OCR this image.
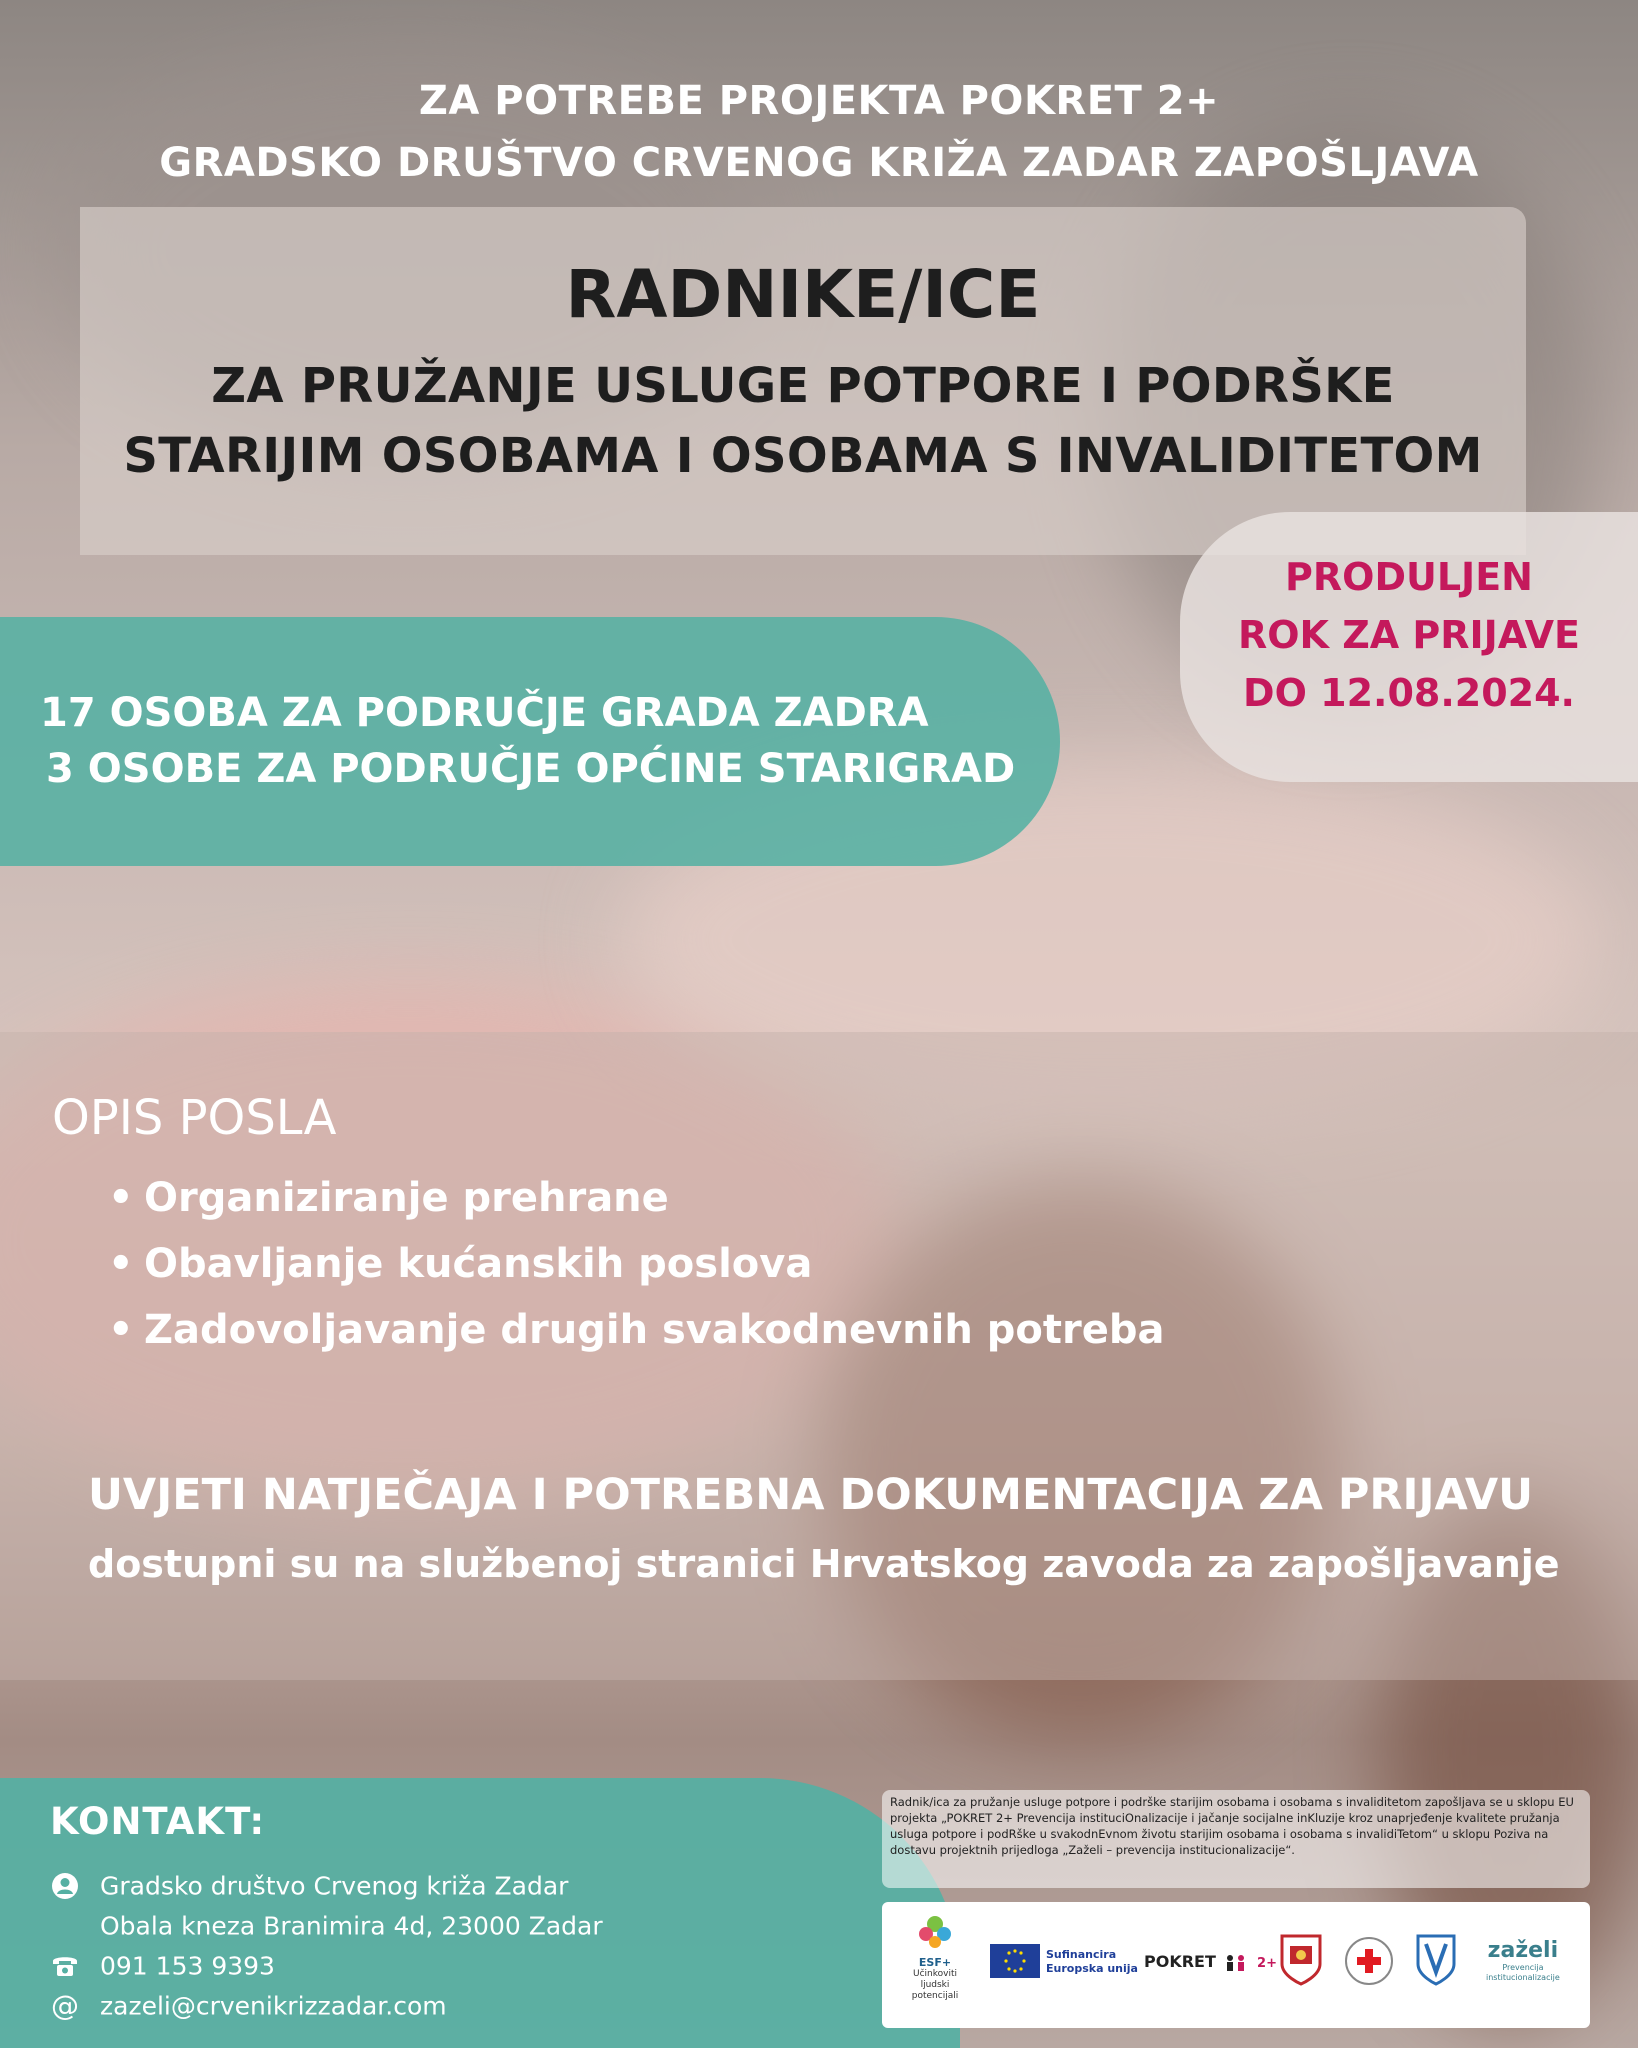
ZA POTREBE PROJEKTA POKRET 2+
GRADSKO DRUŠTVO CRVENOG KRIŽA ZADAR ZAPOŠLJAVA
RADNIKE/ICE
ZA PRUŽANJE USLUGE POTPORE I PODRŠKE
STARIJIM OSOBAMA I OSOBAMA S INVALIDITETOM
17 OSOBA ZA PODRUČJE GRADA ZADRA
3 OSOBE ZA PODRUČJE OPĆINE STARIGRAD
PRODULJEN
ROK ZA PRIJAVE
DO 12.08.2024.
OPIS POSLA
• Organiziranje prehrane
• Obavljanje kućanskih poslova
• Zadovoljavanje drugih svakodnevnih potreba
UVJETI NATJEČAJA I POTREBNA DOKUMENTACIJA ZA PRIJAVU
dostupni su na službenoj stranici Hrvatskog zavoda za zapošljavanje
KONTAKT:
Gradsko društvo Crvenog križa Zadar
Obala kneza Branimira 4d, 23000 Zadar
091 153 9393
@ zazeli@crvenikrizzadar.com
Radnik/ica za pružanje usluge potpore i podrške starijim osobama i osobama s invaliditetom zapošljava se u sklopu EU projekta „POKRET 2+ Prevencija instituciOnalizacije i jačanje socijalne inKluzije kroz unaprjeđenje kvalitete pružanja usluga potpore i podRške u svakodnEvnom životu starijim osobama i osobama s invalidiTetom“ u sklopu Poziva na dostavu projektnih prijedloga „Zaželi – prevencija institucionalizacije“.
ESF+
Učinkoviti
ljudski
potencijali
Sufinancira
Europska unija POKRET	2+
zaželi
Prevencija
institucionalizacije
